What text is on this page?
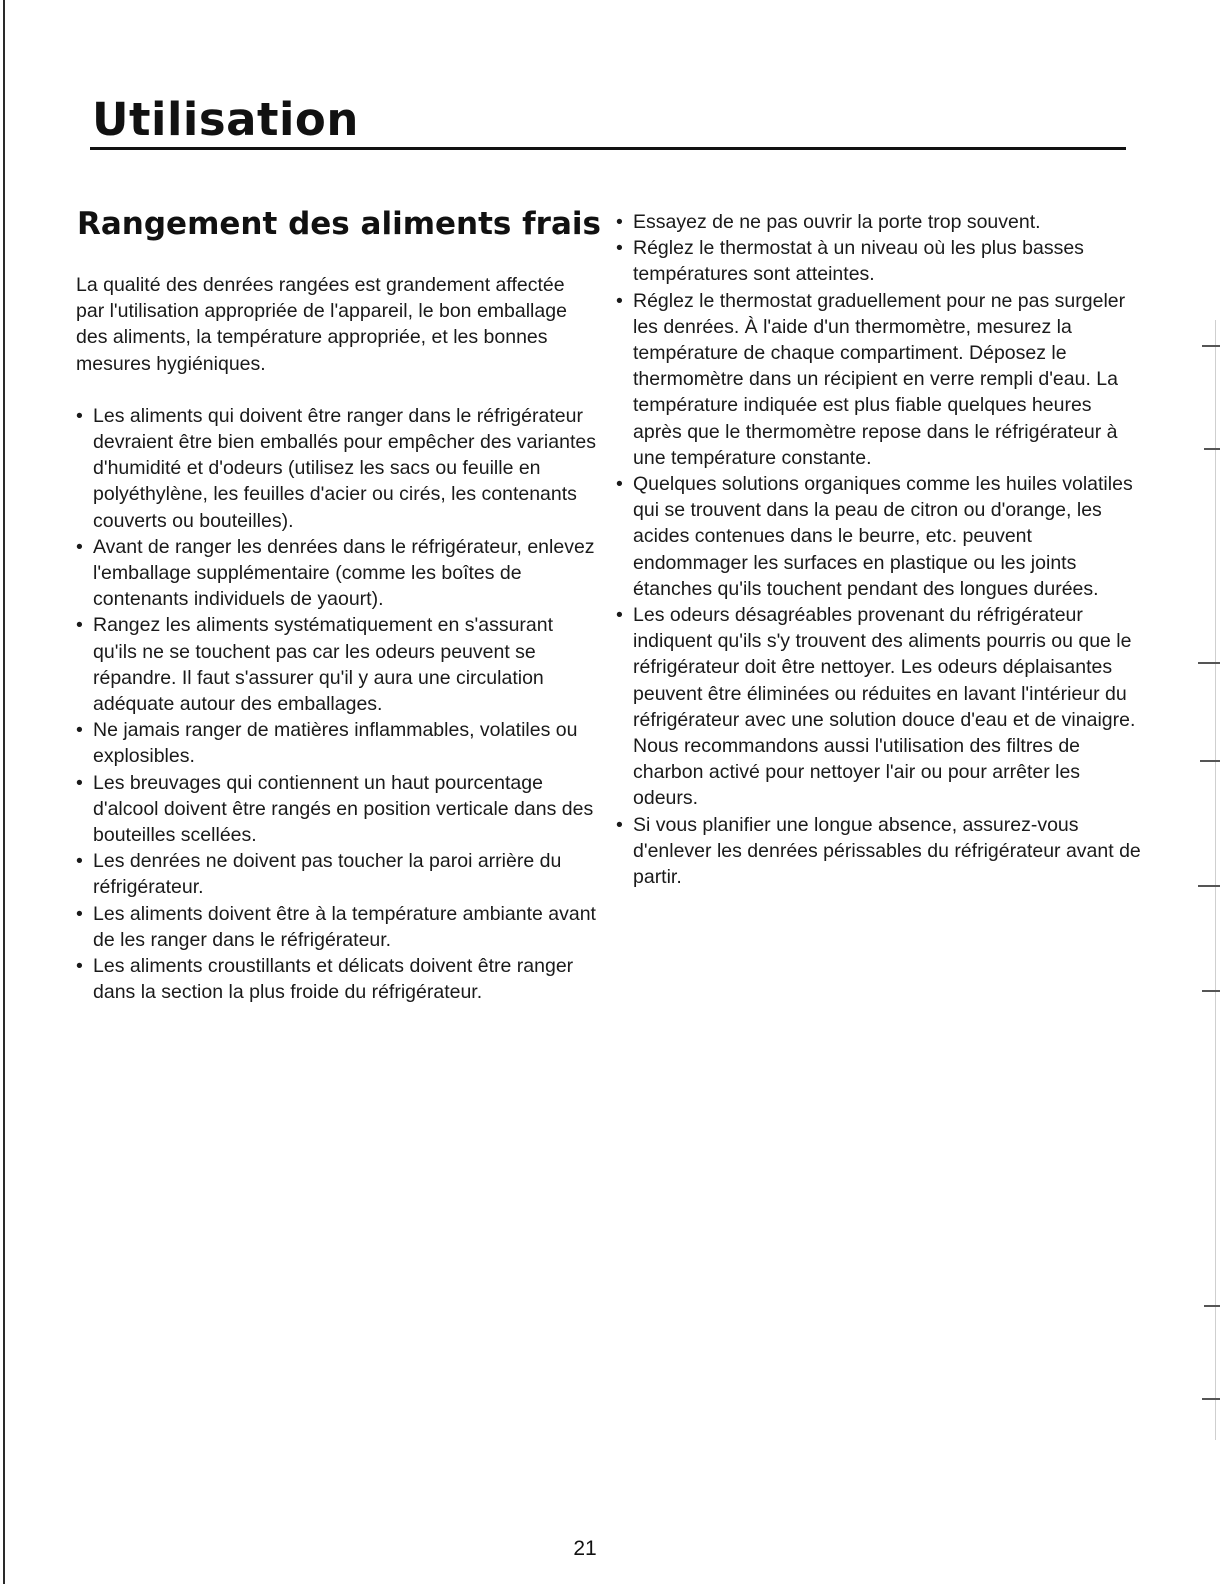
Utilisation
Rangement des aliments frais

La qualité des denrées rangées est grandement affectée par l'utilisation appropriée de l'appareil, le bon emballage des aliments, la température appropriée, et les bonnes mesures hygiéniques.

• Les aliments qui doivent être ranger dans le réfrigérateur devraient être bien emballés pour empêcher des variantes d'humidité et d'odeurs (utilisez les sacs ou feuille en polyéthylène, les feuilles d'acier ou cirés, les contenants couverts ou bouteilles).
• Avant de ranger les denrées dans le réfrigérateur, enlevez l'emballage supplémentaire (comme les boîtes de contenants individuels de yaourt).
• Rangez les aliments systématiquement en s'assurant qu'ils ne se touchent pas car les odeurs peuvent se répandre. Il faut s'assurer qu'il y aura une circulation adéquate autour des emballages.
• Ne jamais ranger de matières inflammables, volatiles ou explosibles.
• Les breuvages qui contiennent un haut pourcentage d'alcool doivent être rangés en position verticale dans des bouteilles scellées.
• Les denrées ne doivent pas toucher la paroi arrière du réfrigérateur.
• Les aliments doivent être à la température ambiante avant de les ranger dans le réfrigérateur.
• Les aliments croustillants et délicats doivent être ranger dans la section la plus froide du réfrigérateur.
• Essayez de ne pas ouvrir la porte trop souvent.
• Réglez le thermostat à un niveau où les plus basses températures sont atteintes.
• Réglez le thermostat graduellement pour ne pas surgeler les denrées. À l'aide d'un thermomètre, mesurez la température de chaque compartiment. Déposez le thermomètre dans un récipient en verre rempli d'eau. La température indiquée est plus fiable quelques heures après que le thermomètre repose dans le réfrigérateur à une température constante.
• Quelques solutions organiques comme les huiles volatiles qui se trouvent dans la peau de citron ou d'orange, les acides contenues dans le beurre, etc. peuvent endommager les surfaces en plastique ou les joints étanches qu'ils touchent pendant des longues durées.
• Les odeurs désagréables provenant du réfrigérateur indiquent qu'ils s'y trouvent des aliments pourris ou que le réfrigérateur doit être nettoyer. Les odeurs déplaisantes peuvent être éliminées ou réduites en lavant l'intérieur du réfrigérateur avec une solution douce d'eau et de vinaigre. Nous recommandons aussi l'utilisation des filtres de charbon activé pour nettoyer l'air ou pour arrêter les odeurs.
• Si vous planifier une longue absence, assurez-vous d'enlever les denrées périssables du réfrigérateur avant de partir.
21
